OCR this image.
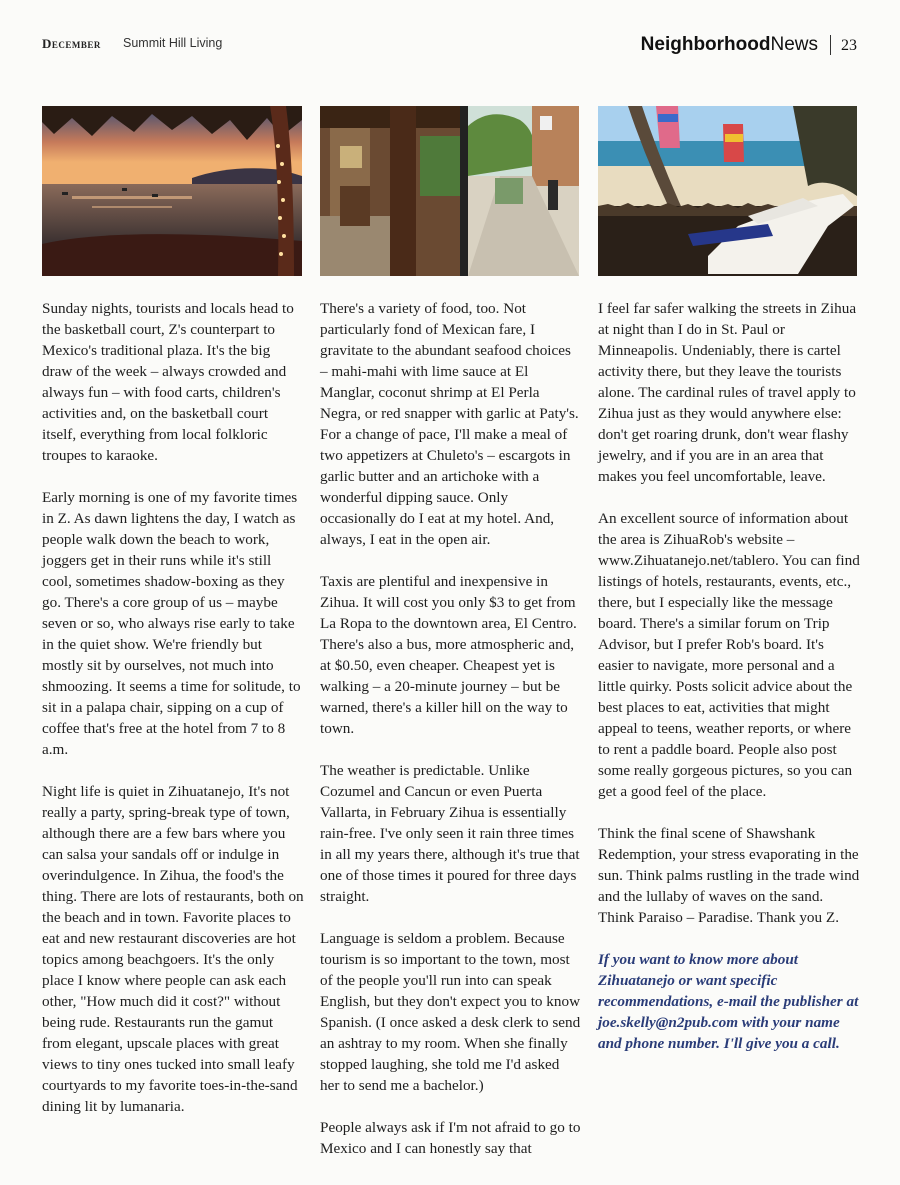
December Summit Hill Living	Neighborhood News 23

Sunday nights, tourists and locals head to the basketball court, Z's counterpart to Mexico's traditional plaza. It's the big draw of the week – always crowded and always fun – with food carts, children's activities and, on the basketball court itself, everything from local folkloric troupes to karaoke.

Early morning is one of my favorite times in Z. As dawn lightens the day, I watch as people walk down the beach to work, joggers get in their runs while it's still cool, sometimes shadow-boxing as they go. There's a core group of us – maybe seven or so, who always rise early to take in the quiet show. We're friendly but mostly sit by ourselves, not much into shmoozing. It seems a time for solitude, to sit in a palapa chair, sipping on a cup of coffee that's free at the hotel from 7 to 8 a.m.

Night life is quiet in Zihuatanejo, It's not really a party, spring-break type of town, although there are a few bars where you can salsa your sandals off or indulge in overindulgence. In Zihua, the food's the thing. There are lots of restaurants, both on the beach and in town. Favorite places to eat and new restaurant discoveries are hot topics among beachgoers. It's the only place I know where people can ask each other, "How much did it cost?" without being rude. Restaurants run the gamut from elegant, upscale places with great views to tiny ones tucked into small leafy courtyards to my favorite toes-in-the-sand dining lit by lumanaria.

There's a variety of food, too. Not particularly fond of Mexican fare, I gravitate to the abundant seafood choices – mahi-mahi with lime sauce at El Manglar, coconut shrimp at El Perla Negra, or red snapper with garlic at Paty's. For a change of pace, I'll make a meal of two appetizers at Chuleto's – escargots in garlic butter and an artichoke with a wonderful dipping sauce. Only occasionally do I eat at my hotel. And, always, I eat in the open air.

Taxis are plentiful and inexpensive in Zihua. It will cost you only $3 to get from La Ropa to the downtown area, El Centro. There's also a bus, more atmospheric and, at $0.50, even cheaper. Cheapest yet is walking – a 20-minute journey – but be warned, there's a killer hill on the way to town.

The weather is predictable. Unlike Cozumel and Cancun or even Puerta Vallarta, in February Zihua is essentially rain-free. I've only seen it rain three times in all my years there, although it's true that one of those times it poured for three days straight.

Language is seldom a problem. Because tourism is so important to the town, most of the people you'll run into can speak English, but they don't expect you to know Spanish. (I once asked a desk clerk to send an ashtray to my room. When she finally stopped laughing, she told me I'd asked her to send me a bachelor.)

People always ask if I'm not afraid to go to Mexico and I can honestly say that

I feel far safer walking the streets in Zihua at night than I do in St. Paul or Minneapolis. Undeniably, there is cartel activity there, but they leave the tourists alone. The cardinal rules of travel apply to Zihua just as they would anywhere else: don't get roaring drunk, don't wear flashy jewelry, and if you are in an area that makes you feel uncomfortable, leave.

An excellent source of information about the area is ZihuaRob's website – www.Zihuatanejo.net/tablero. You can find listings of hotels, restaurants, events, etc., there, but I especially like the message board. There's a similar forum on Trip Advisor, but I prefer Rob's board. It's easier to navigate, more personal and a little quirky. Posts solicit advice about the best places to eat, activities that might appeal to teens, weather reports, or where to rent a paddle board. People also post some really gorgeous pictures, so you can get a good feel of the place.

Think the final scene of Shawshank Redemption, your stress evaporating in the sun. Think palms rustling in the trade wind and the lullaby of waves on the sand. Think Paraiso – Paradise. Thank you Z.

If you want to know more about Zihuatanejo or want specific recommendations, e-mail the publisher at joe.skelly@n2pub.com with your name and phone number. I'll give you a call.
